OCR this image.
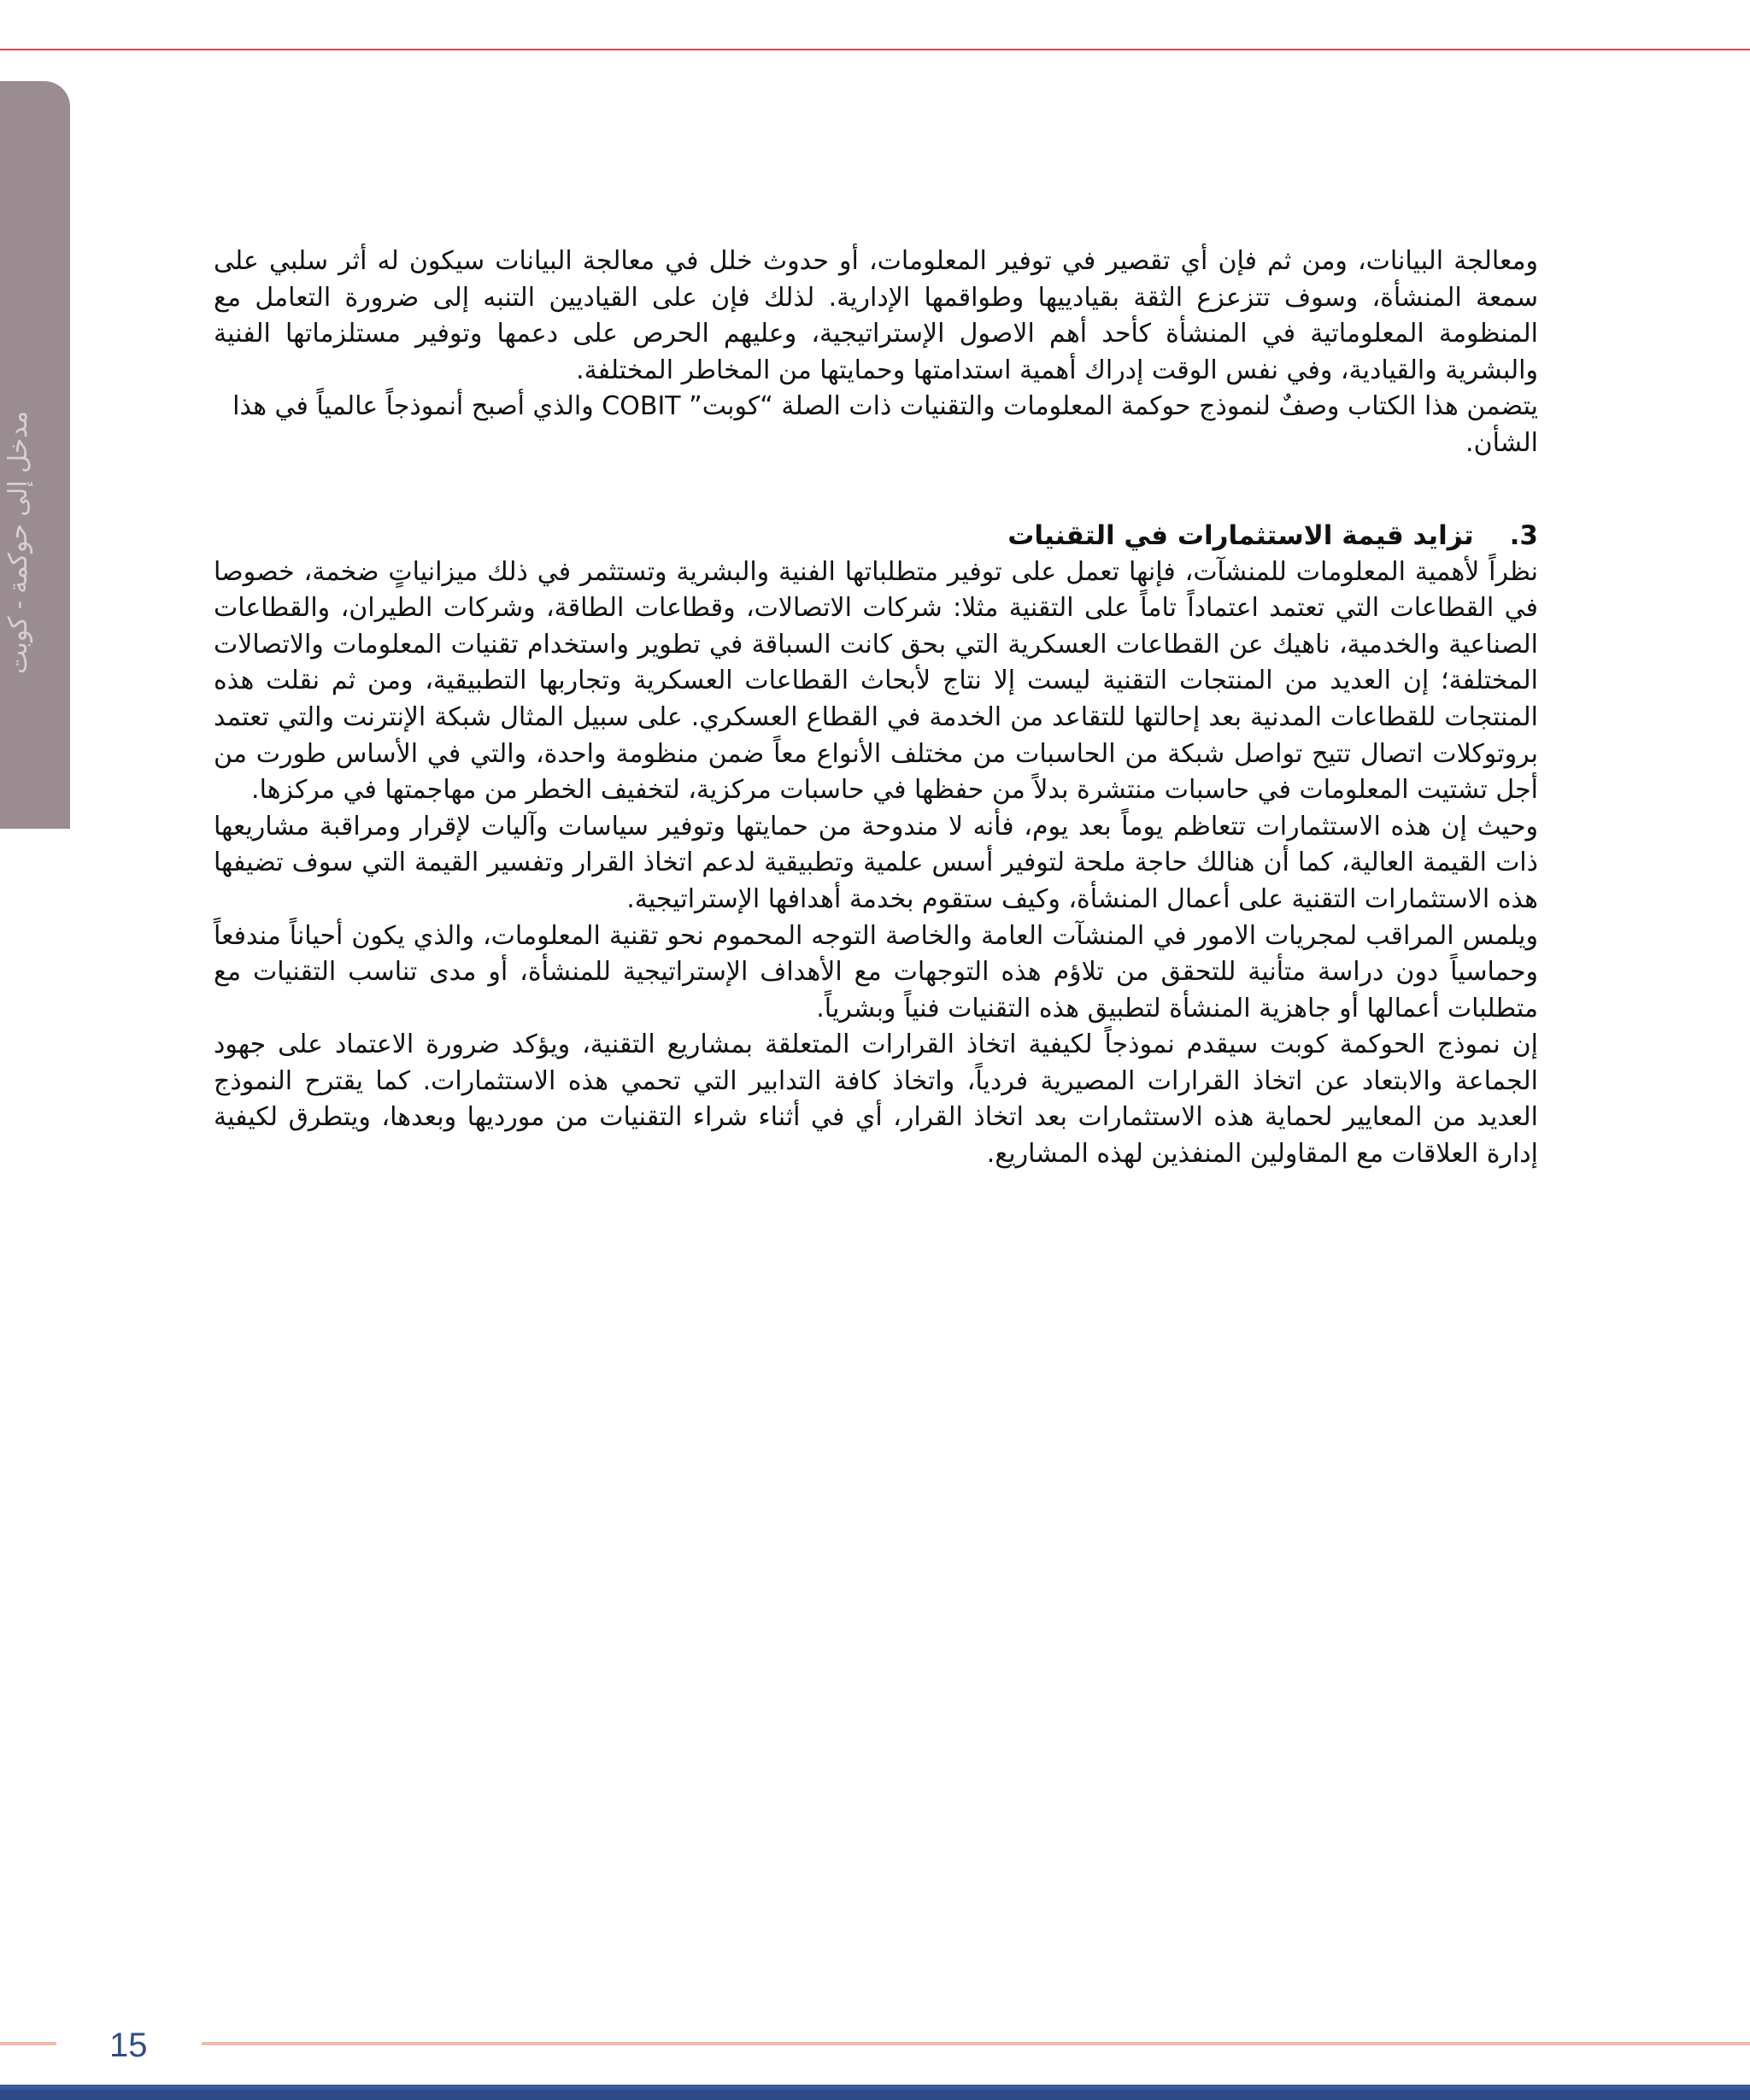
مدخل إلى حوكمة - كوبت

ومعالجة البيانات، ومن ثم فإن أي تقصير في توفير المعلومات، أو حدوث خلل في معالجة البيانات سيكون له أثر سلبي على سمعة المنشأة، وسوف تتزعزع الثقة بقيادييها وطواقمها الإدارية. لذلك فإن على القياديين التنبه إلى ضرورة التعامل مع المنظومة المعلوماتية في المنشأة كأحد أهم الاصول الإستراتيجية، وعليهم الحرص على دعمها وتوفير مستلزماتها الفنية والبشرية والقيادية، وفي نفس الوقت إدراك أهمية استدامتها وحمايتها من المخاطر المختلفة.

يتضمن هذا الكتاب وصفٌ لنموذج حوكمة المعلومات والتقنيات ذات الصلة “كوبت” COBIT والذي أصبح أنموذجاً عالمياً في هذا الشأن.

3.
تزايد قيمة الاستثمارات في التقنيات

نظراً لأهمية المعلومات للمنشآت، فإنها تعمل على توفير متطلباتها الفنية والبشرية وتستثمر في ذلك ميزانياتٍ ضخمة، خصوصا في القطاعات التي تعتمد اعتماداً تاماً على التقنية مثلا: شركات الاتصالات، وقطاعات الطاقة، وشركات الطيران، والقطاعات الصناعية والخدمية، ناهيك عن القطاعات العسكرية التي بحق كانت السباقة في تطوير واستخدام تقنيات المعلومات والاتصالات المختلفة؛ إن العديد من المنتجات التقنية ليست إلا نتاج لأبحاث القطاعات العسكرية وتجاربها التطبيقية، ومن ثم نقلت هذه المنتجات للقطاعات المدنية بعد إحالتها للتقاعد من الخدمة في القطاع العسكري. على سبيل المثال شبكة الإنترنت والتي تعتمد بروتوكلات اتصال تتيح تواصل شبكة من الحاسبات من مختلف الأنواع معاً ضمن منظومة واحدة، والتي في الأساس طورت من أجل تشتيت المعلومات في حاسبات منتشرة بدلاً من حفظها في حاسبات مركزية، لتخفيف الخطر من مهاجمتها في مركزها.

وحيث إن هذه الاستثمارات تتعاظم يوماً بعد يوم، فأنه لا مندوحة من حمايتها وتوفير سياسات وآليات لإقرار ومراقبة مشاريعها ذات القيمة العالية، كما أن هنالك حاجة ملحة لتوفير أسس علمية وتطبيقية لدعم اتخاذ القرار وتفسير القيمة التي سوف تضيفها هذه الاستثمارات التقنية على أعمال المنشأة، وكيف ستقوم بخدمة أهدافها الإستراتيجية.

ويلمس المراقب لمجريات الامور في المنشآت العامة والخاصة التوجه المحموم نحو تقنية المعلومات، والذي يكون أحياناً مندفعاً وحماسياً دون دراسة متأنية للتحقق من تلاؤم هذه التوجهات مع الأهداف الإستراتيجية للمنشأة، أو مدى تناسب التقنيات مع متطلبات أعمالها أو جاهزية المنشأة لتطبيق هذه التقنيات فنياً وبشرياً.

إن نموذج الحوكمة كوبت سيقدم نموذجاً لكيفية اتخاذ القرارات المتعلقة بمشاريع التقنية، ويؤكد ضرورة الاعتماد على جهود الجماعة والابتعاد عن اتخاذ القرارات المصيرية فردياً، واتخاذ كافة التدابير التي تحمي هذه الاستثمارات. كما يقترح النموذج العديد من المعايير لحماية هذه الاستثمارات بعد اتخاذ القرار، أي في أثناء شراء التقنيات من مورديها وبعدها، ويتطرق لكيفية إدارة العلاقات مع المقاولين المنفذين لهذه المشاريع.

15
